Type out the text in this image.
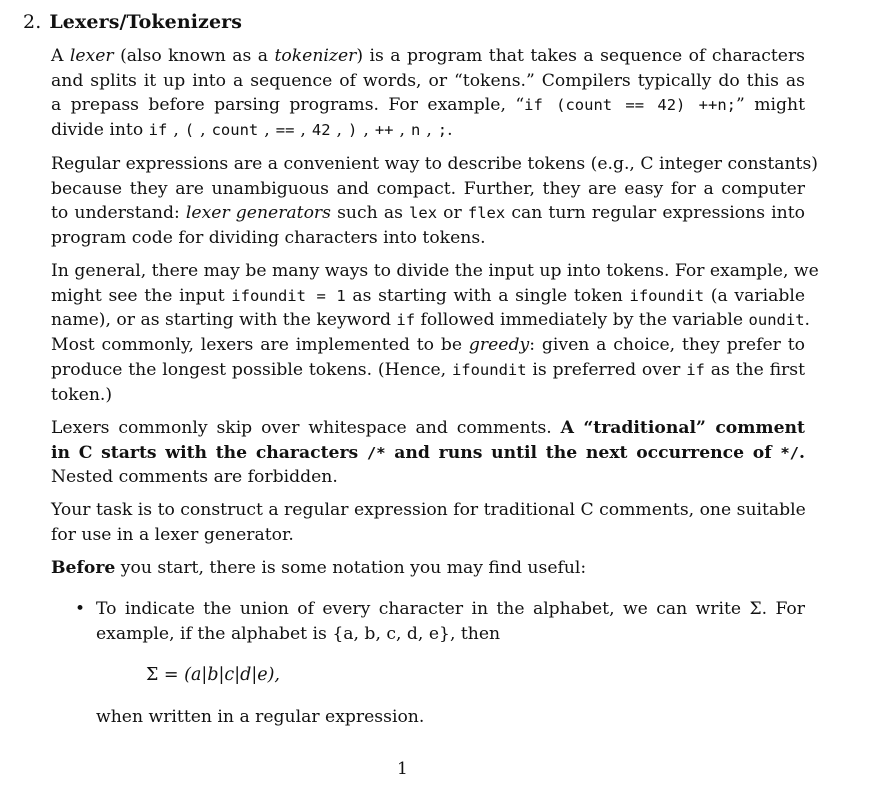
2. Lexers/Tokenizers
A lexer (also known as a tokenizer) is a program that takes a sequence of characters
and splits it up into a sequence of words, or “tokens.” Compilers typically do this as
a prepass before parsing programs. For example, “if (count == 42) ++n;” might
divide into if , ( , count , == , 42 , ) , ++ , n , ;.
Regular expressions are a convenient way to describe tokens (e.g., C integer constants)
because they are unambiguous and compact. Further, they are easy for a computer
to understand: lexer generators such as lex or flex can turn regular expressions into
program code for dividing characters into tokens.
In general, there may be many ways to divide the input up into tokens. For example, we
might see the input ifoundit = 1 as starting with a single token ifoundit (a variable
name), or as starting with the keyword if followed immediately by the variable oundit.
Most commonly, lexers are implemented to be greedy: given a choice, they prefer to
produce the longest possible tokens. (Hence, ifoundit is preferred over if as the first
token.)
Lexers commonly skip over whitespace and comments. A “traditional” comment
in C starts with the characters /* and runs until the next occurrence of */.
Nested comments are forbidden.
Your task is to construct a regular expression for traditional C comments, one suitable
for use in a lexer generator.
Before you start, there is some notation you may find useful:
• To indicate the union of every character in the alphabet, we can write Σ. For
example, if the alphabet is {a, b, c, d, e}, then
Σ = (a|b|c|d|e),
when written in a regular expression.
1
